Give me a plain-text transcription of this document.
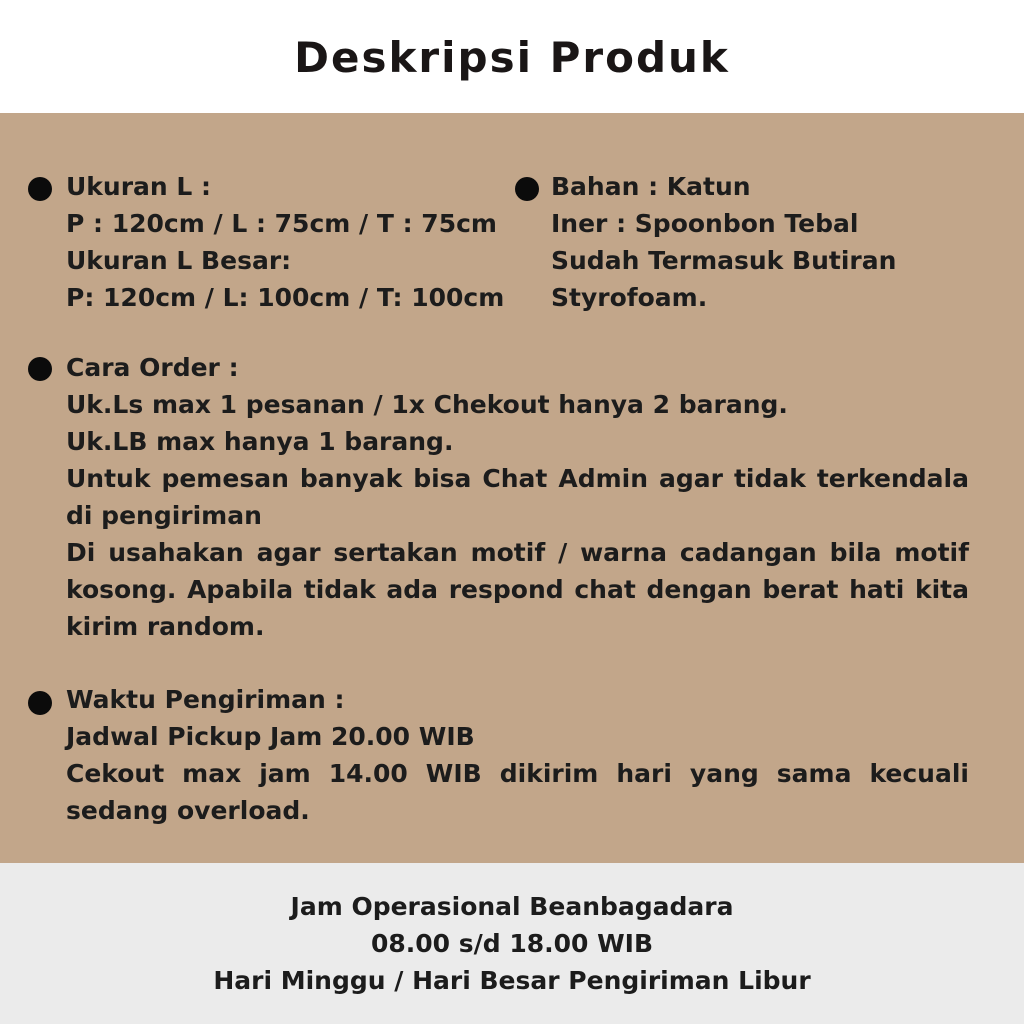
Deskripsi Produk
Ukuran L :
P : 120cm / L : 75cm / T : 75cm
Ukuran L Besar:
P: 120cm / L: 100cm / T: 100cm
Bahan : Katun
Iner : Spoonbon Tebal
Sudah Termasuk Butiran
Styrofoam.
Cara Order :
Uk.Ls max 1 pesanan / 1x Chekout hanya 2 barang.
Uk.LB max hanya 1 barang.
Untuk pemesan banyak bisa Chat Admin agar tidak terkendala di pengiriman
Di usahakan agar sertakan motif / warna cadangan bila motif kosong. Apabila tidak ada respond chat dengan berat hati kita kirim random.
Waktu Pengiriman :
Jadwal Pickup Jam 20.00 WIB
Cekout max jam 14.00 WIB dikirim hari yang sama kecuali sedang overload.
Jam Operasional Beanbagadara
08.00 s/d 18.00 WIB
Hari Minggu / Hari Besar Pengiriman Libur
